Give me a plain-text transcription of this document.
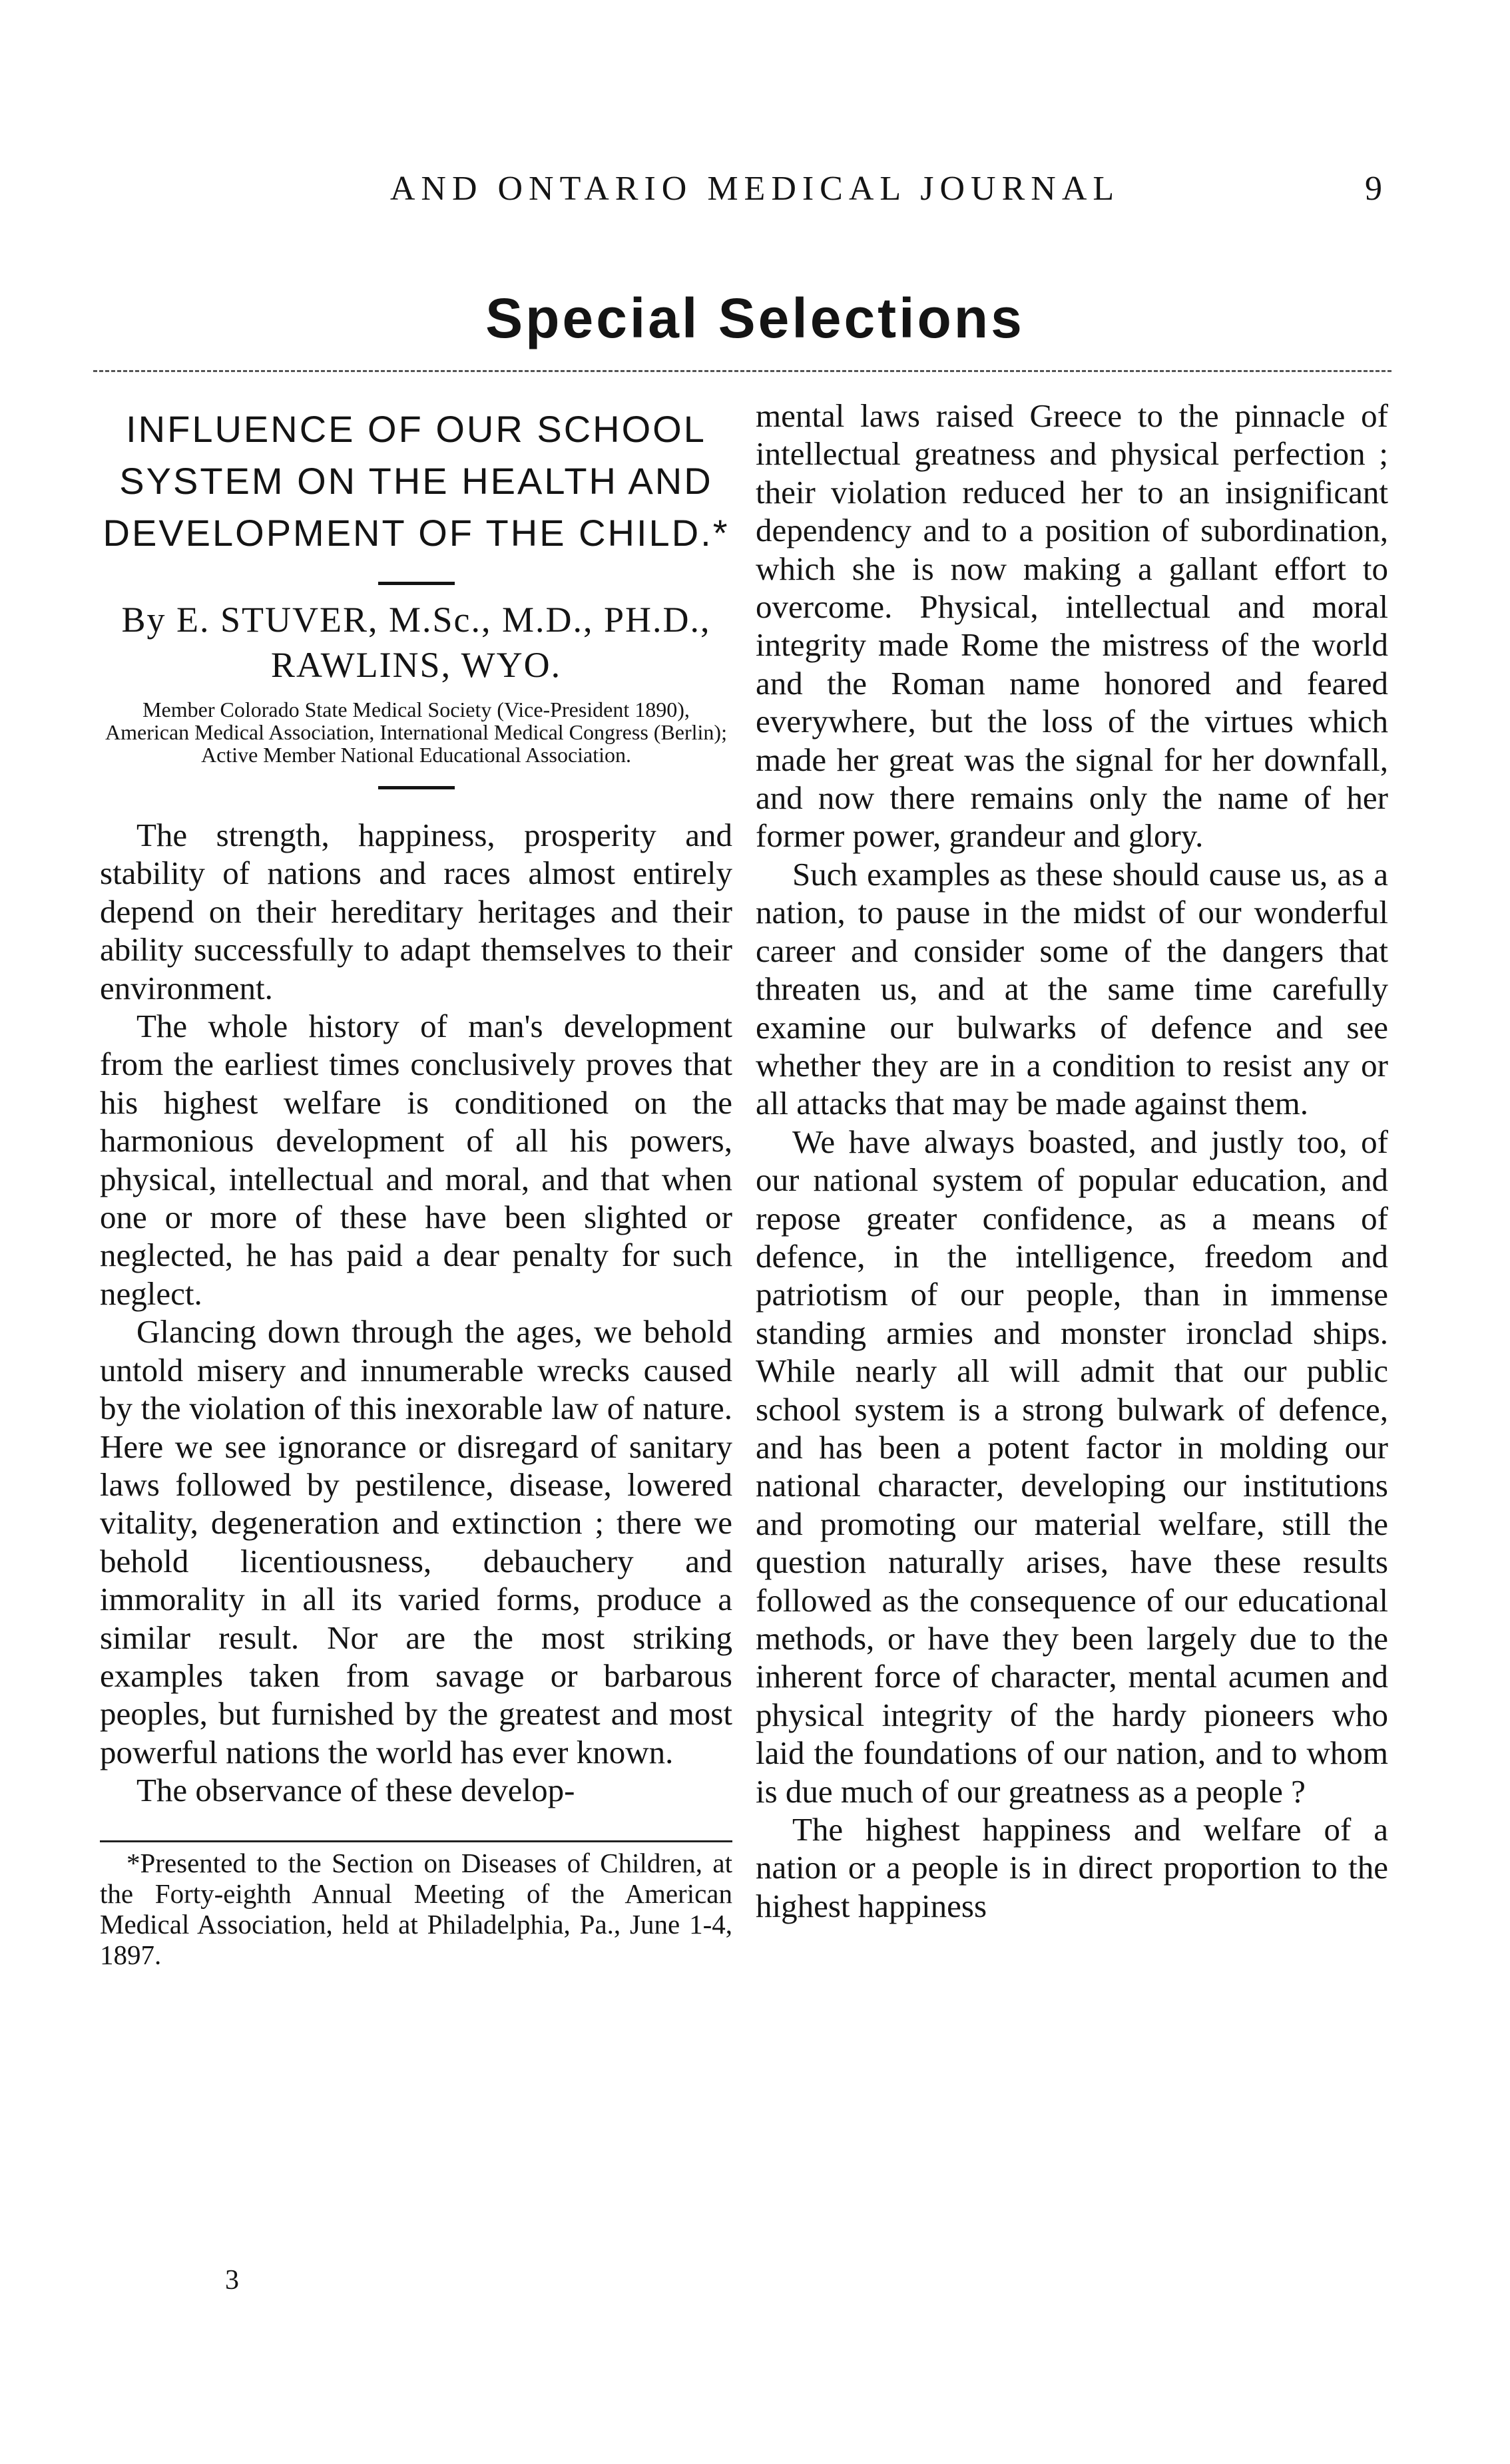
AND ONTARIO MEDICAL JOURNAL	9
Special Selections
INFLUENCE OF OUR SCHOOL SYSTEM ON THE HEALTH AND DEVELOPMENT OF THE CHILD.*
By E. STUVER, M.Sc., M.D., PH.D.,
RAWLINS, WYO.
Member Colorado State Medical Society (Vice-President 1890), American Medical Association, International Medical Congress (Berlin); Active Member National Educational Association.

The strength, happiness, prosperity and stability of nations and races almost entirely depend on their hereditary heritages and their ability successfully to adapt themselves to their environment.

The whole history of man's development from the earliest times conclusively proves that his highest welfare is conditioned on the harmonious development of all his powers, physical, intellectual and moral, and that when one or more of these have been slighted or neglected, he has paid a dear penalty for such neglect.

Glancing down through the ages, we behold untold misery and innumerable wrecks caused by the violation of this inexorable law of nature. Here we see ignorance or disregard of sanitary laws followed by pestilence, disease, lowered vitality, degeneration and extinction ; there we behold licentiousness, debauchery and immorality in all its varied forms, produce a similar result. Nor are the most striking examples taken from savage or barbarous peoples, but furnished by the greatest and most powerful nations the world has ever known.

The observance of these develop-

*Presented to the Section on Diseases of Children, at the Forty-eighth Annual Meeting of the American Medical Association, held at Philadelphia, Pa., June 1-4, 1897.

mental laws raised Greece to the pinnacle of intellectual greatness and physical perfection ; their violation reduced her to an insignificant dependency and to a position of subordination, which she is now making a gallant effort to overcome. Physical, intellectual and moral integrity made Rome the mistress of the world and the Roman name honored and feared everywhere, but the loss of the virtues which made her great was the signal for her downfall, and now there remains only the name of her former power, grandeur and glory.

Such examples as these should cause us, as a nation, to pause in the midst of our wonderful career and consider some of the dangers that threaten us, and at the same time carefully examine our bulwarks of defence and see whether they are in a condition to resist any or all attacks that may be made against them.

We have always boasted, and justly too, of our national system of popular education, and repose greater confidence, as a means of defence, in the intelligence, freedom and patriotism of our people, than in immense standing armies and monster ironclad ships. While nearly all will admit that our public school system is a strong bulwark of defence, and has been a potent factor in molding our national character, developing our institutions and promoting our material welfare, still the question naturally arises, have these results followed as the consequence of our educational methods, or have they been largely due to the inherent force of character, mental acumen and physical integrity of the hardy pioneers who laid the foundations of our nation, and to whom is due much of our greatness as a people ?

The highest happiness and welfare of a nation or a people is in direct proportion to the highest happiness

3
